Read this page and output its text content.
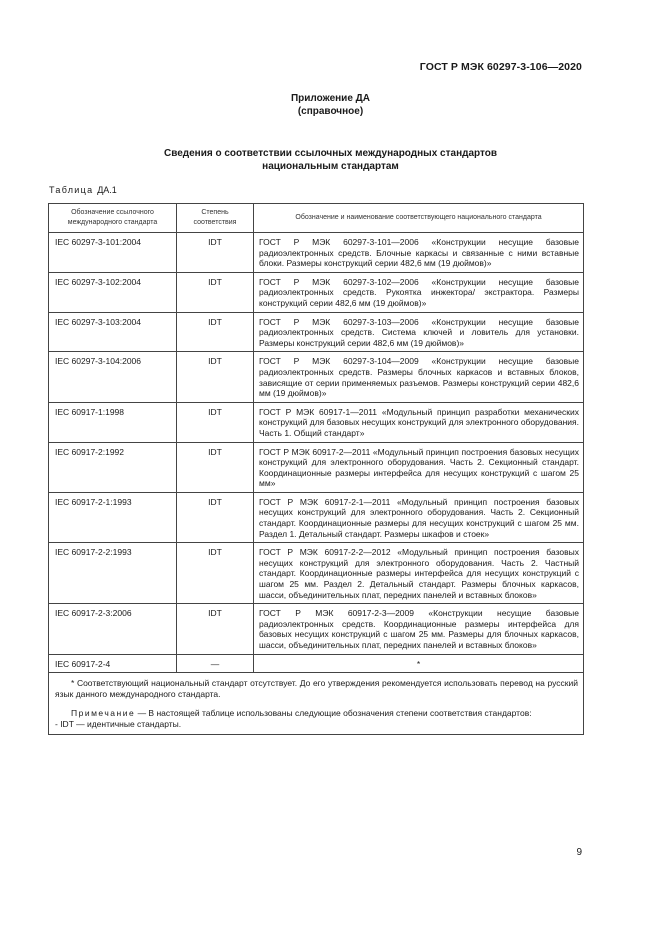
ГОСТ Р МЭК 60297-3-106—2020
Приложение ДА
(справочное)
Сведения о соответствии ссылочных международных стандартов
национальным стандартам
Таблица ДА.1
Обозначение ссылочного международного стандарта	Степень соответствия	Обозначение и наименование соответствующего национального стандарта
IEC 60297-3-101:2004	IDT	ГОСТ Р МЭК 60297-3-101—2006 «Конструкции несущие базовые радиоэлектронных средств. Блочные каркасы и связанные с ними вставные блоки. Размеры конструкций серии 482,6 мм (19 дюймов)»
IEC 60297-3-102:2004	IDT	ГОСТ Р МЭК 60297-3-102—2006 «Конструкции несущие базовые радиоэлектронных средств. Рукоятка инжектора/ экстрактора. Размеры конструкций серии 482,6 мм (19 дюймов)»
IEC 60297-3-103:2004	IDT	ГОСТ Р МЭК 60297-3-103—2006 «Конструкции несущие базовые радиоэлектронных средств. Система ключей и ловитель для установки. Размеры конструкций серии 482,6 мм (19 дюймов)»
IEC 60297-3-104:2006	IDT	ГОСТ Р МЭК 60297-3-104—2009 «Конструкции несущие базовые радиоэлектронных средств. Размеры блочных каркасов и вставных блоков, зависящие от серии применяемых разъемов. Размеры конструкций серии 482,6 мм (19 дюймов)»
IEC 60917-1:1998	IDT	ГОСТ Р МЭК 60917-1—2011 «Модульный принцип разработки механических конструкций для базовых несущих конструкций для электронного оборудования. Часть 1. Общий стандарт»
IEC 60917-2:1992	IDT	ГОСТ Р МЭК 60917-2—2011 «Модульный принцип построения базовых несущих конструкций для электронного оборудования. Часть 2. Секционный стандарт. Координационные размеры интерфейса для несущих конструкций с шагом 25 мм»
IEC 60917-2-1:1993	IDT	ГОСТ Р МЭК 60917-2-1—2011 «Модульный принцип построения базовых несущих конструкций для электронного оборудования. Часть 2. Секционный стандарт. Координационные размеры для несущих конструкций с шагом 25 мм. Раздел 1. Детальный стандарт. Размеры шкафов и стоек»
IEC 60917-2-2:1993	IDT	ГОСТ Р МЭК 60917-2-2—2012 «Модульный принцип построения базовых несущих конструкций для электронного оборудования. Часть 2. Частный стандарт. Координационные размеры интерфейса для несущих конструкций с шагом 25 мм. Раздел 2. Детальный стандарт. Размеры блочных каркасов, шасси, объединительных плат, передних панелей и вставных блоков»
IEC 60917-2-3:2006	IDT	ГОСТ Р МЭК 60917-2-3—2009 «Конструкции несущие базовые радиоэлектронных средств. Координационные размеры интерфейса для базовых несущих конструкций с шагом 25 мм. Размеры для блочных каркасов, шасси, объединительных плат, передних панелей и вставных блоков»
IEC 60917-2-4	—	*

* Соответствующий национальный стандарт отсутствует. До его утверждения рекомендуется использовать перевод на русский язык данного международного стандарта.
Примечание — В настоящей таблице использованы следующие обозначения степени соответствия стандартов:
- IDT — идентичные стандарты.		
9
